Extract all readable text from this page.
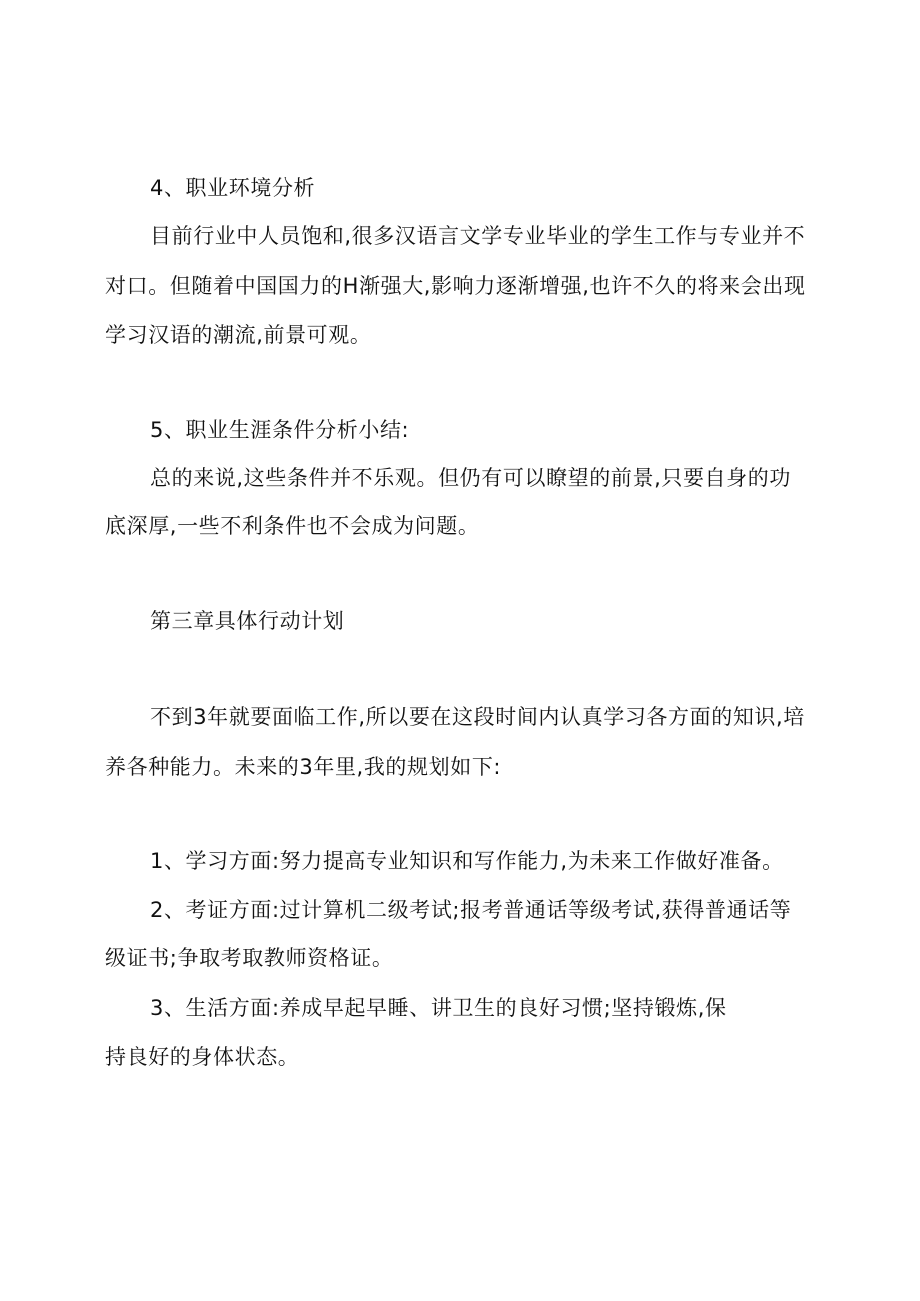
4、职业环境分析
目前行业中人员饱和,很多汉语言文学专业毕业的学生工作与专业并不
对口。但随着中国国力的H渐强大,影响力逐渐增强,也许不久的将来会出现
学习汉语的潮流,前景可观。
5、职业生涯条件分析小结:
总的来说,这些条件并不乐观。但仍有可以瞭望的前景,只要自身的功
底深厚,一些不利条件也不会成为问题。
第三章具体行动计划
不到3年就要面临工作,所以要在这段时间内认真学习各方面的知识,培
养各种能力。未来的3年里,我的规划如下:
1、学习方面:努力提高专业知识和写作能力,为未来工作做好准备。
2、考证方面:过计算机二级考试;报考普通话等级考试,获得普通话等
级证书;争取考取教师资格证。
3、生活方面:养成早起早睡、讲卫生的良好习惯;坚持锻炼,保
持良好的身体状态。
